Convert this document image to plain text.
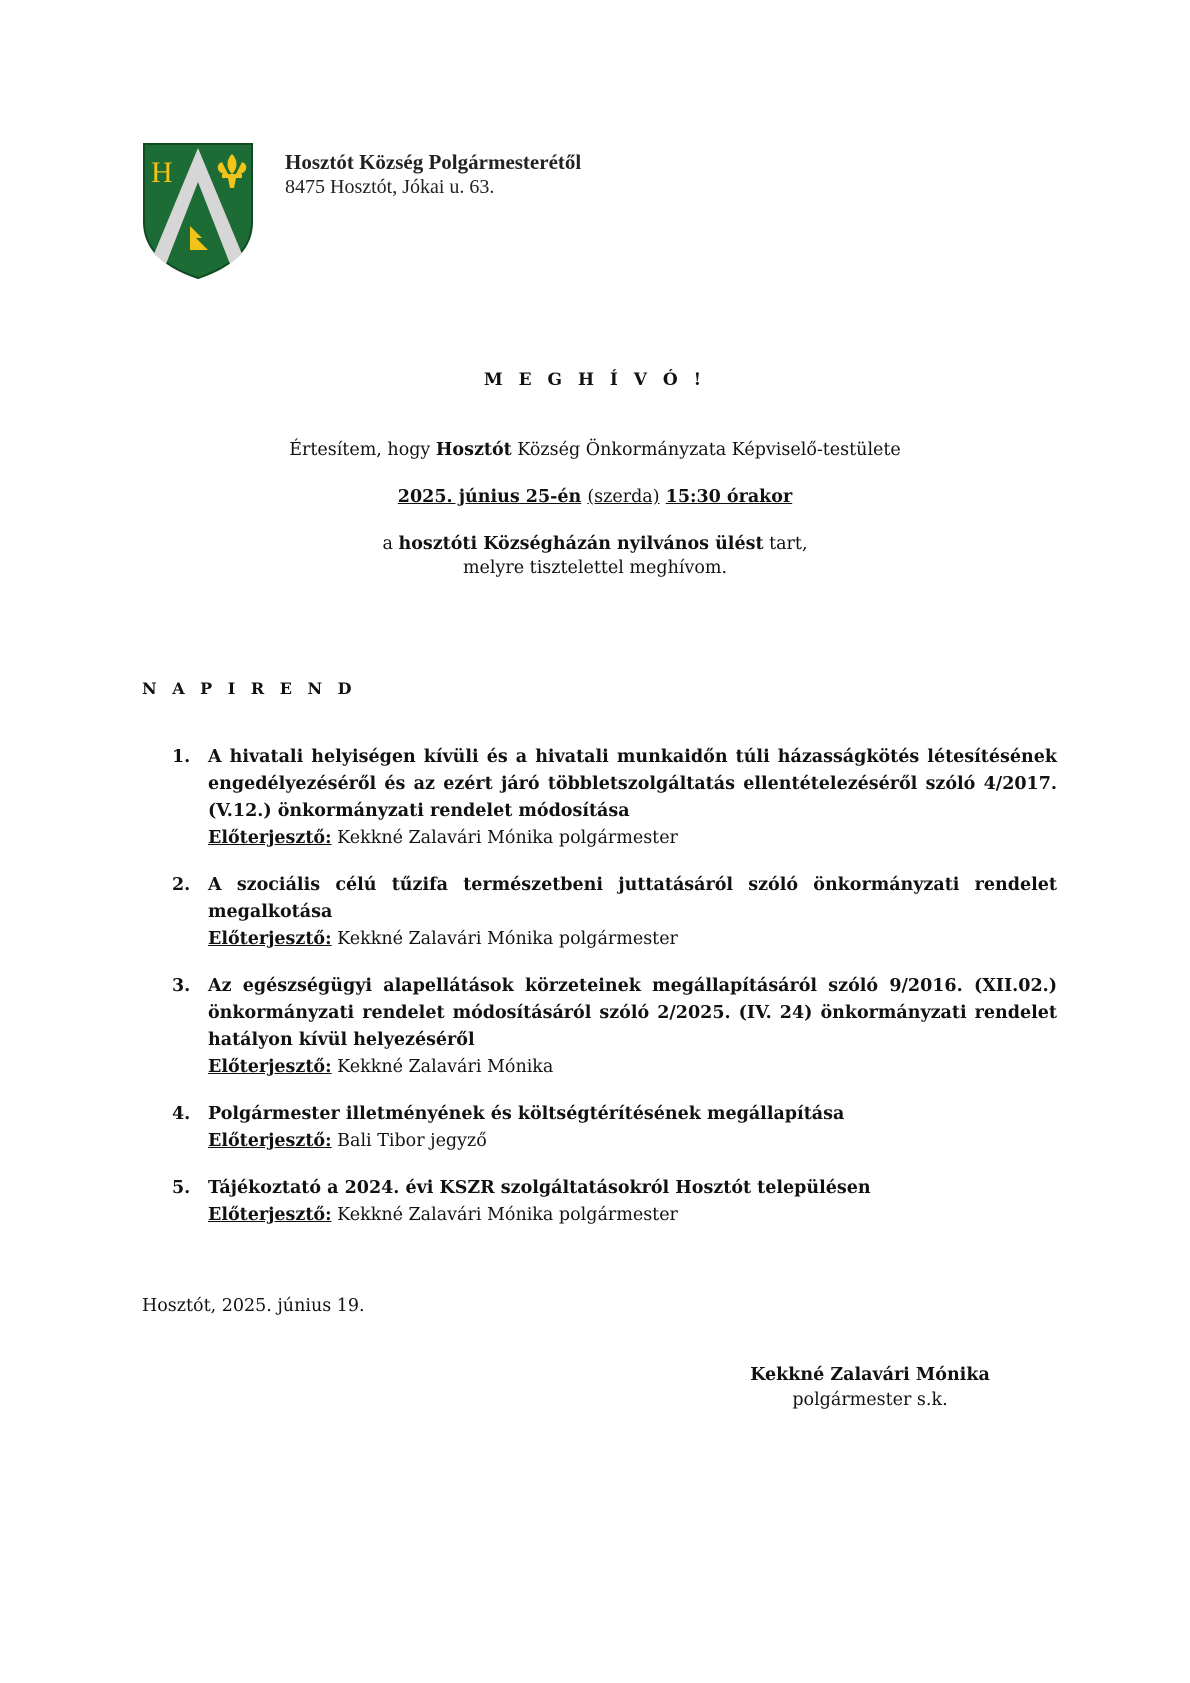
H	Hosztót Község Polgármesterétől
8475 Hosztót, Jókai u. 63.
M E G H Í V Ó !
Értesítem, hogy Hosztót Község Önkormányzata Képviselő-testülete
2025. június 25-én (szerda) 15:30 órakor
a hosztóti Községházán nyilvános ülést tart,
melyre tisztelettel meghívom.
N A P I R E N D
1. A hivatali helyiségen kívüli és a hivatali munkaidőn túli házasságkötés létesítésének engedélyezéséről és az ezért járó többletszolgáltatás ellentételezéséről szóló 4/2017. (V.12.) önkormányzati rendelet módosítása
Előterjesztő: Kekkné Zalavári Mónika polgármester
2. A szociális célú tűzifa természetbeni juttatásáról szóló önkormányzati rendelet megalkotása
Előterjesztő: Kekkné Zalavári Mónika polgármester
3. Az egészségügyi alapellátások körzeteinek megállapításáról szóló 9/2016. (XII.02.) önkormányzati rendelet módosításáról szóló 2/2025. (IV. 24) önkormányzati rendelet hatályon kívül helyezéséről
Előterjesztő: Kekkné Zalavári Mónika
4. Polgármester illetményének és költségtérítésének megállapítása
Előterjesztő: Bali Tibor jegyző
5. Tájékoztató a 2024. évi KSZR szolgáltatásokról Hosztót településen
Előterjesztő: Kekkné Zalavári Mónika polgármester
Hosztót, 2025. június 19.
Kekkné Zalavári Mónika
polgármester s.k.
